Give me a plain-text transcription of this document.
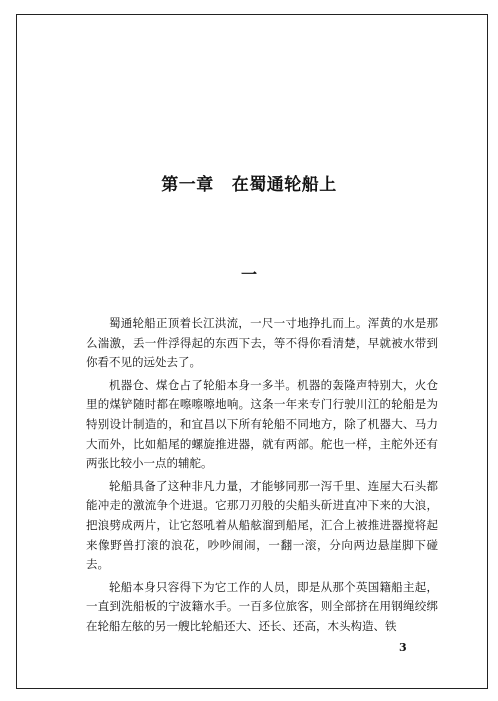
第一章 在蜀通轮船上
一

蜀通轮船正顶着长江洪流，一尺一寸地挣扎而上。浑黄的水是那么湍激，丢一件浮得起的东西下去，等不得你看清楚，早就被水带到你看不见的远处去了。

机器仓、煤仓占了轮船本身一多半。机器的轰隆声特别大，火仓里的煤铲随时都在嚓嚓嚓地响。这条一年来专门行驶川江的轮船是为特别设计制造的，和宜昌以下所有轮船不同地方，除了机器大、马力大而外，比如船尾的螺旋推进器，就有两部。舵也一样，主舵外还有两张比较小一点的辅舵。

轮船具备了这种非凡力量，才能够同那一泻千里、连屋大石头都能冲走的激流争个进退。它那刀刃般的尖船头斫进直冲下来的大浪，把浪劈成两片，让它怒吼着从船舷溜到船尾，汇合上被推进器搅将起来像野兽打滚的浪花，吵吵闹闹，一翻一滚，分向两边悬崖脚下碰去。

轮船本身只容得下为它工作的人员，即是从那个英国籍船主起，一直到洗船板的宁波籍水手。一百多位旅客，则全部挤在用钢绳绞绑在轮船左舷的另一艘比轮船还大、还长、还高，木头构造、铁

3
